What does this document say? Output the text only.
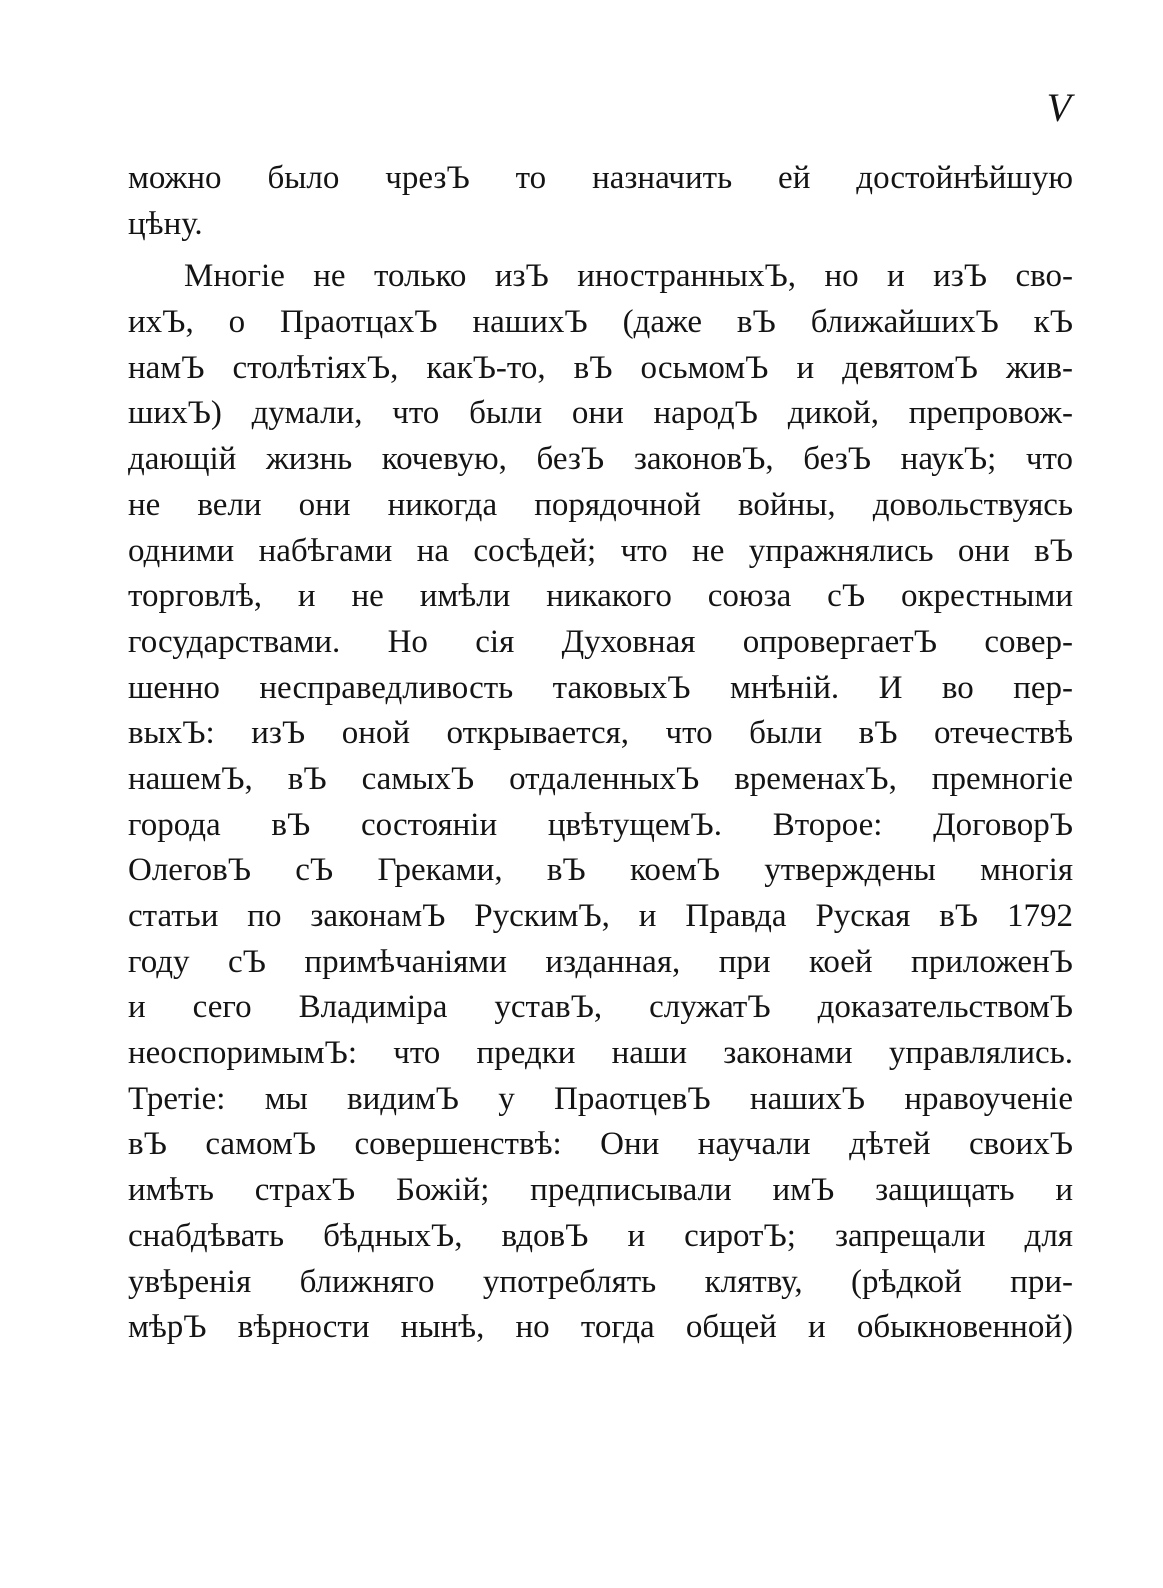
V
можно было чрезЪ то назначить ей достойнѣйшую
цѣну.
Многiе не только изЪ иностранныхЪ, но и изЪ сво-
ихЪ, о ПраотцахЪ нашихЪ (даже вЪ ближайшихЪ кЪ
намЪ столѣтiяхЪ, какЪ-то, вЪ осьмомЪ и девятомЪ жив-
шихЪ) думали, что были они народЪ дикой, препровож-
дающiй жизнь кочевую, безЪ законовЪ, безЪ наукЪ; что
не вели они никогда порядочной войны, довольствуясь
одними набѣгами на сосѣдей; что не упражнялись они вЪ
торговлѣ, и не имѣли никакого союза сЪ окрестными
государствами. Но сiя Духовная опровергаетЪ совер-
шенно несправедливость таковыхЪ мнѣнiй. И во пер-
выхЪ: изЪ оной открывается, что были вЪ отечествѣ
нашемЪ, вЪ самыхЪ отдаленныхЪ временахЪ, премногiе
города вЪ состоянiи цвѣтущемЪ. Второе: ДоговорЪ
ОлеговЪ сЪ Греками, вЪ коемЪ утверждены многiя
статьи по законамЪ РускимЪ, и Правда Руская вЪ 1792
году сЪ примѣчанiями изданная, при коей приложенЪ
и сего Владимiра уставЪ, служатЪ доказательствомЪ
неоспоримымЪ: что предки наши законами управлялись.
Третiе: мы видимЪ у ПраотцевЪ нашихЪ нравоученiе
вЪ самомЪ совершенствѣ: Они научали дѣтей своихЪ
имѣть страхЪ Божiй; предписывали имЪ защищать и
снабдѣвать бѣдныхЪ, вдовЪ и сиротЪ; запрещали для
увѣренiя ближняго употреблять клятву, (рѣдкой при-
мѣрЪ вѣрности нынѣ, но тогда общей и обыкновенной)
